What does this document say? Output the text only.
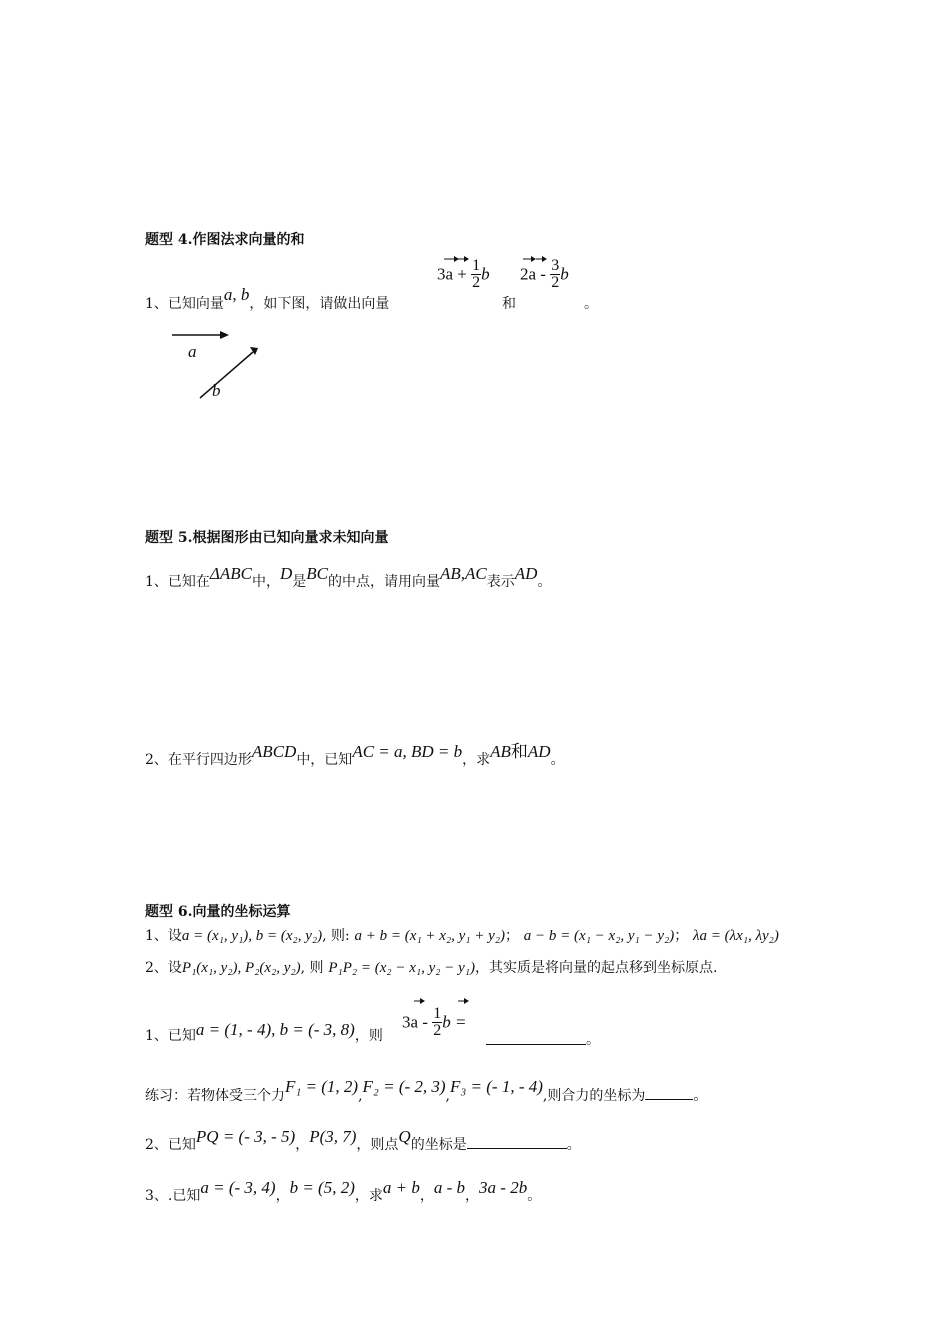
题型 4.作图法求向量的和
1、已知向量a, b，如下图，请做出向量
$3a + \frac{1}{2}$ b
和
$2a - \frac{3}{2}$ b
。
a
b
题型 5.根据图形由已知向量求未知向量
1、已知在ΔABC中，D是BC的中点，请用向量AB,AC表示AD。
2、在平行四边形ABCD中，已知AC = a, BD = b，求AB和AD。
题型 6.向量的坐标运算
1、设a = (x₁, y₁), b = (x₂, y₂), 则: a + b = (x₁ + x₂, y₁ + y₂)； a − b = (x₁ − x₂, y₁ − y₂)； λa = (λx₁, λy₂)
2、设P₁(x₁, y₂), P₂(x₂, y₂), 则 P₁P₂ = (x₂ − x₁, y₂ − y₁)，其实质是将向量的起点移到坐标原点.
1、已知a = (1, - 4), b = (- 3, 8)，则
$3a - \frac{1}{2}$ b =
。
练习：若物体受三个力F₁ = (1, 2),F₂ = (- 2, 3),F₃ = (- 1, - 4),则合力的坐标为	。
2、已知PQ = (- 3, - 5)，P(3, 7)，则点Q的坐标是	。
3、.已知a = (- 3, 4)，b = (5, 2)，求a + b，a - b，3a - 2b。
